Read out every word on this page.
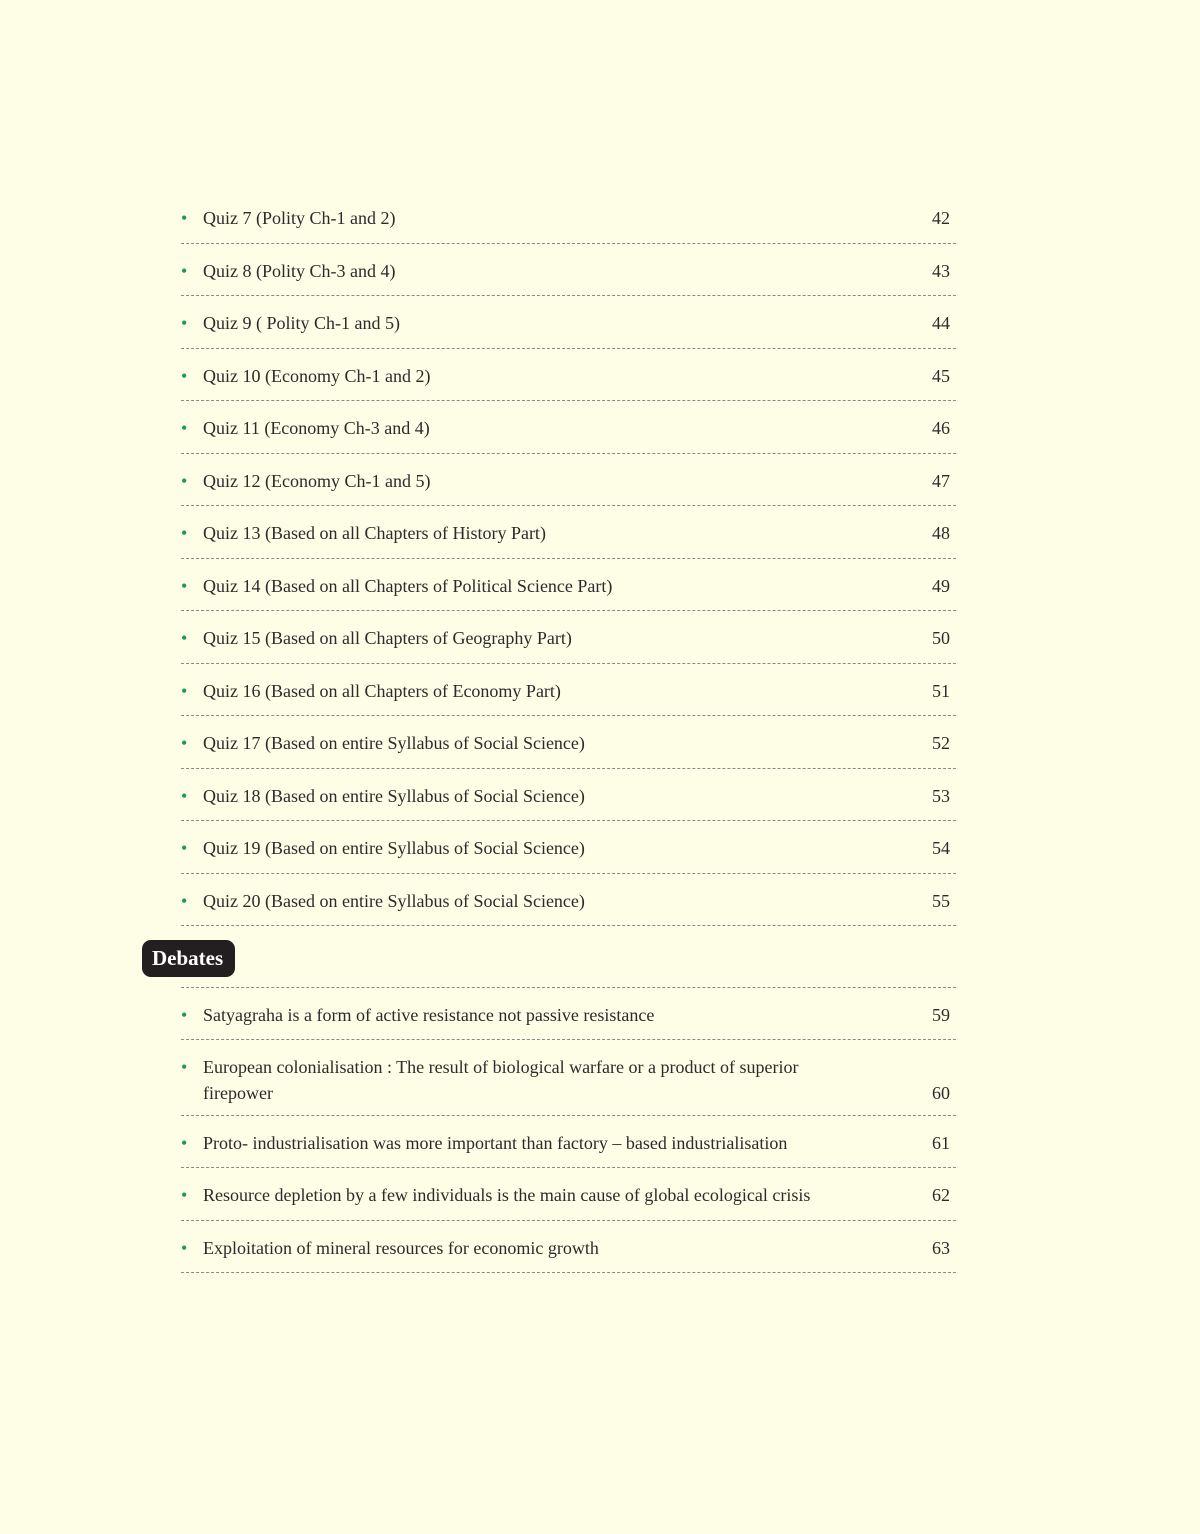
• Quiz 7 (Polity Ch-1 and 2)	42
• Quiz 8 (Polity Ch-3 and 4)	43
• Quiz 9 ( Polity Ch-1 and 5)	44
• Quiz 10 (Economy Ch-1 and 2)	45
• Quiz 11 (Economy Ch-3 and 4)	46
• Quiz 12 (Economy Ch-1 and 5)	47
• Quiz 13 (Based on all Chapters of History Part)	48
• Quiz 14 (Based on all Chapters of Political Science Part)	49
• Quiz 15 (Based on all Chapters of Geography Part)	50
• Quiz 16 (Based on all Chapters of Economy Part)	51
• Quiz 17 (Based on entire Syllabus of Social Science)	52
• Quiz 18 (Based on entire Syllabus of Social Science)	53
• Quiz 19 (Based on entire Syllabus of Social Science)	54
• Quiz 20 (Based on entire Syllabus of Social Science)	55
Debates
• Satyagraha is a form of active resistance not passive resistance	59
• European colonialisation : The result of biological warfare or a product of superior firepower	60
• Proto- industrialisation was more important than factory – based industrialisation	61
• Resource depletion by a few individuals is the main cause of global ecological crisis	62
• Exploitation of mineral resources for economic growth	63
